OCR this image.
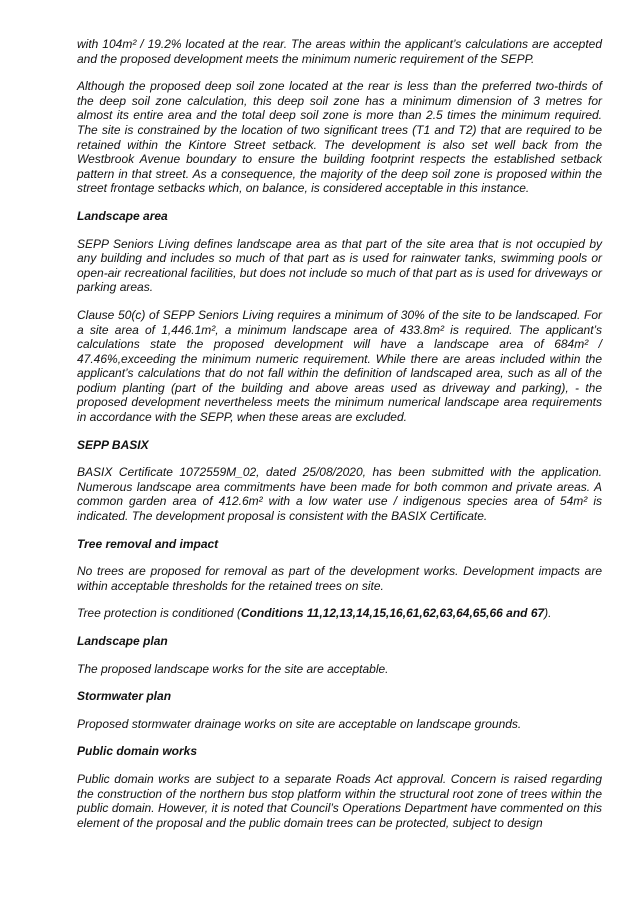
with 104m² / 19.2% located at the rear. The areas within the applicant’s calculations are accepted and the proposed development meets the minimum numeric requirement of the SEPP.

Although the proposed deep soil zone located at the rear is less than the preferred two-thirds of the deep soil zone calculation, this deep soil zone has a minimum dimension of 3 metres for almost its entire area and the total deep soil zone is more than 2.5 times the minimum required. The site is constrained by the location of two significant trees (T1 and T2) that are required to be retained within the Kintore Street setback. The development is also set well back from the Westbrook Avenue boundary to ensure the building footprint respects the established setback pattern in that street. As a consequence, the majority of the deep soil zone is proposed within the street frontage setbacks which, on balance, is considered acceptable in this instance.

Landscape area

SEPP Seniors Living defines landscape area as that part of the site area that is not occupied by any building and includes so much of that part as is used for rainwater tanks, swimming pools or open-air recreational facilities, but does not include so much of that part as is used for driveways or parking areas.

Clause 50(c) of SEPP Seniors Living requires a minimum of 30% of the site to be landscaped. For a site area of 1,446.1m², a minimum landscape area of 433.8m² is required. The applicant’s calculations state the proposed development will have a landscape area of 684m² / 47.46%,exceeding the minimum numeric requirement. While there are areas included within the applicant’s calculations that do not fall within the definition of landscaped area, such as all of the podium planting (part of the building and above areas used as driveway and parking), - the proposed development nevertheless meets the minimum numerical landscape area requirements in accordance with the SEPP, when these areas are excluded.

SEPP BASIX

BASIX Certificate 1072559M_02, dated 25/08/2020, has been submitted with the application. Numerous landscape area commitments have been made for both common and private areas. A common garden area of 412.6m² with a low water use / indigenous species area of 54m² is indicated. The development proposal is consistent with the BASIX Certificate.

Tree removal and impact

No trees are proposed for removal as part of the development works. Development impacts are within acceptable thresholds for the retained trees on site.

Tree protection is conditioned (Conditions 11,12,13,14,15,16,61,62,63,64,65,66 and 67).

Landscape plan

The proposed landscape works for the site are acceptable.

Stormwater plan

Proposed stormwater drainage works on site are acceptable on landscape grounds.

Public domain works

Public domain works are subject to a separate Roads Act approval. Concern is raised regarding the construction of the northern bus stop platform within the structural root zone of trees within the public domain. However, it is noted that Council’s Operations Department have commented on this element of the proposal and the public domain trees can be protected, subject to design
